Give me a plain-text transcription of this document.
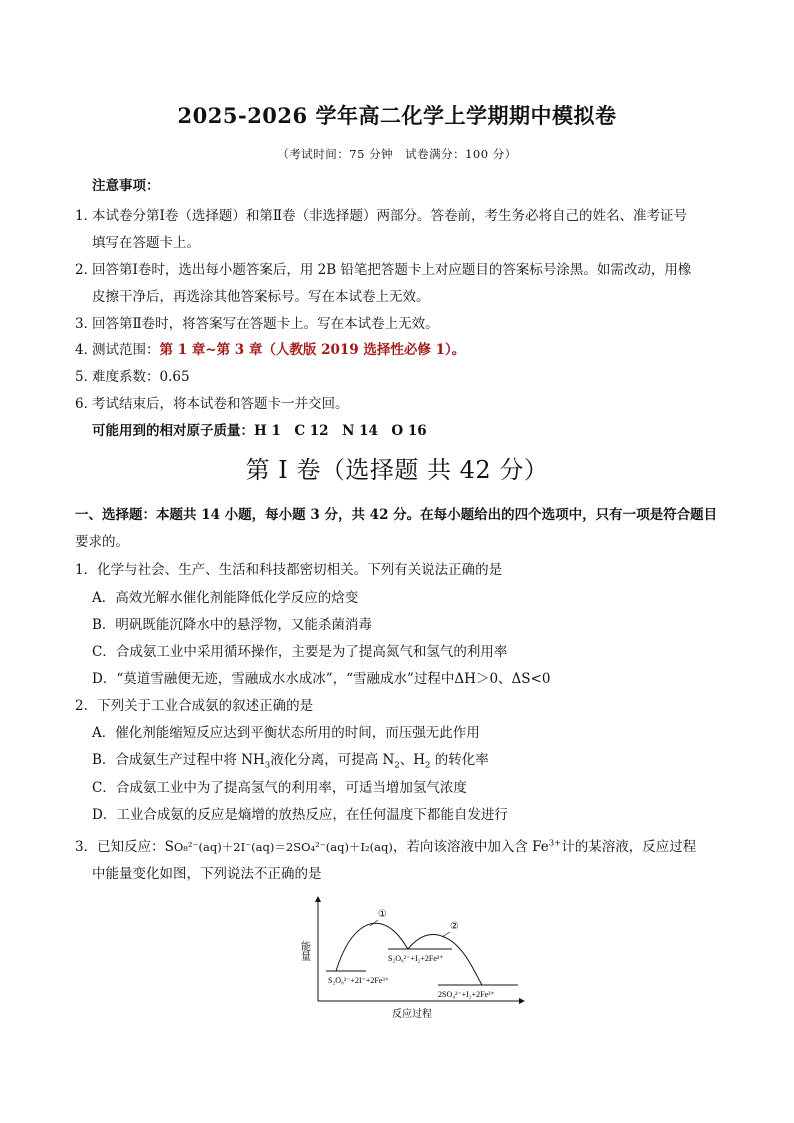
2025-2026 学年高二化学上学期期中模拟卷
（考试时间：75 分钟　试卷满分：100 分）
注意事项：
1．本试卷分第Ⅰ卷（选择题）和第Ⅱ卷（非选择题）两部分。答卷前，考生务必将自己的姓名、准考证号
填写在答题卡上。
2．回答第Ⅰ卷时，选出每小题答案后，用 2B 铅笔把答题卡上对应题目的答案标号涂黑。如需改动，用橡
皮擦干净后，再选涂其他答案标号。写在本试卷上无效。
3．回答第Ⅱ卷时，将答案写在答题卡上。写在本试卷上无效。
4．测试范围：第 1 章~第 3 章（人教版 2019 选择性必修 1）。
5．难度系数：0.65
6．考试结束后，将本试卷和答题卡一并交回。
可能用到的相对原子质量：H 1　C 12　N 14　O 16
第 I 卷（选择题 共 42 分）
一、选择题：本题共 14 小题，每小题 3 分，共 42 分。在每小题给出的四个选项中，只有一项是符合题目
要求的。
1．化学与社会、生产、生活和科技都密切相关。下列有关说法正确的是
A．高效光解水催化剂能降低化学反应的焓变
B．明矾既能沉降水中的悬浮物，又能杀菌消毒
C．合成氨工业中采用循环操作，主要是为了提高氮气和氢气的利用率
D．“莫道雪融便无迹，雪融成水水成冰”，“雪融成水”过程中ΔH＞0、ΔS<0
2．下列关于工业合成氨的叙述正确的是
A．催化剂能缩短反应达到平衡状态所用的时间，而压强无此作用
B．合成氨生产过程中将 $NH_3$液化分离，可提高 $N_2$、$H_2$ 的转化率
C．合成氨工业中为了提高氢气的利用率，可适当增加氢气浓度
D．工业合成氨的反应是熵增的放热反应，在任何温度下都能自发进行
3．已知反应：SO₈²⁻(aq)＋2I⁻(aq)＝2SO₄²⁻(aq)＋I₂(aq)，若向该溶液中加入含 $Fe^{3+}$计的某溶液，反应过程
中能量变化如图，下列说法不正确的是
能量
反应过程
①
②
S₂O₈²⁻+2I⁻+2Fe³⁺
S₂O₈²⁻+I₂+2Fe²⁺
2SO₄²⁻+I₂+2Fe³⁺
